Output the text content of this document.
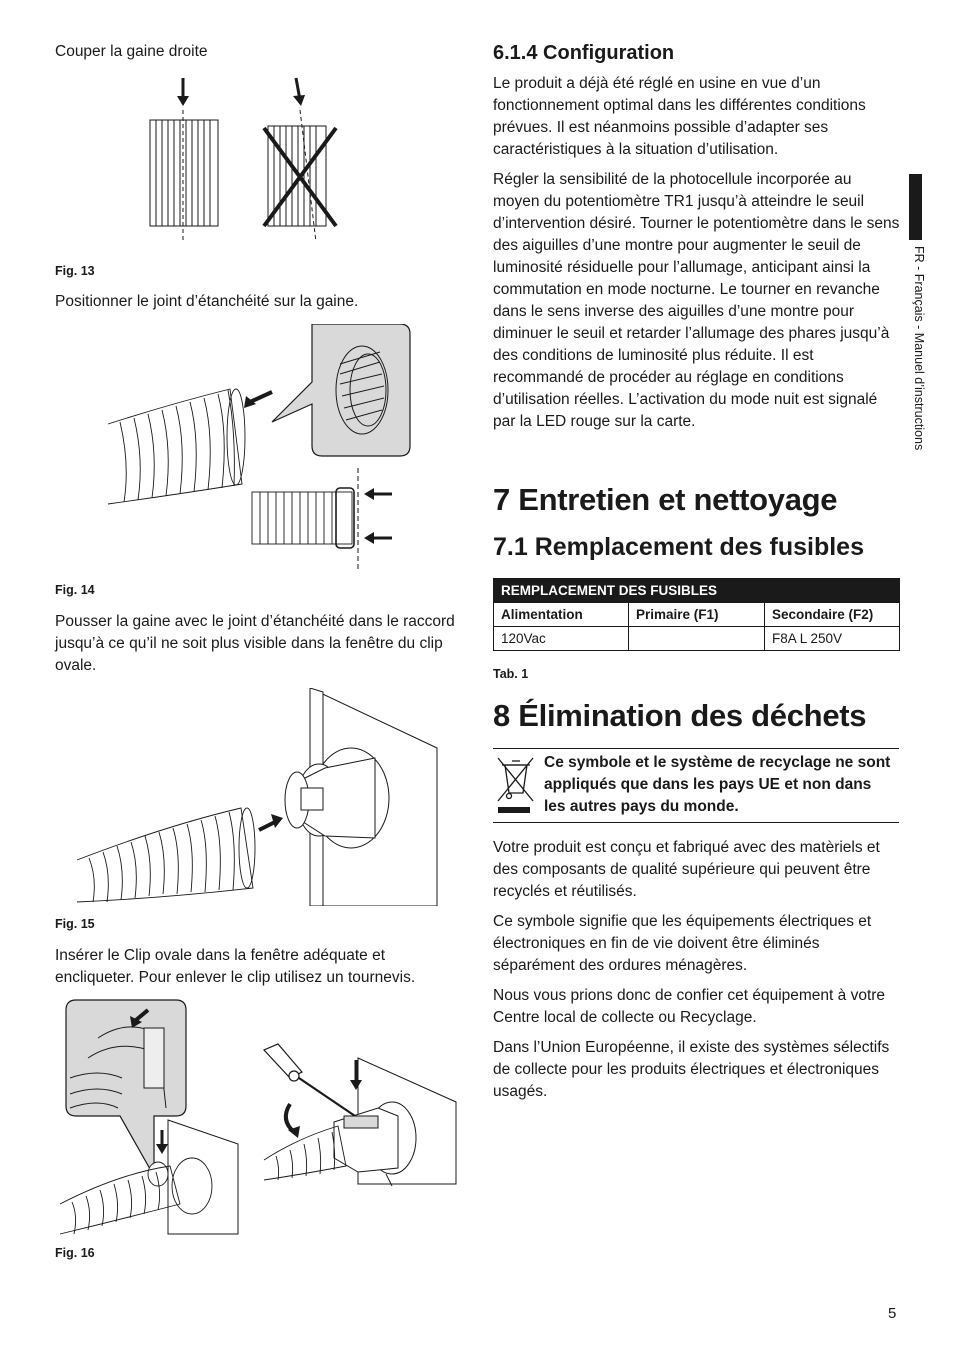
Couper la gaine droite
Fig. 13
Positionner le joint d’étanchéité sur la gaine.
Fig. 14
Pousser la gaine avec le joint d’étanchéité dans le raccord jusqu’à ce qu’il ne soit plus visible dans la fenêtre du clip ovale.
Fig. 15
Insérer le Clip ovale dans la fenêtre adéquate et encliqueter. Pour enlever le clip utilisez un tournevis.
Fig. 16
6.1.4 Configuration

Le produit a déjà été réglé en usine en vue d’un fonctionnement optimal dans les différentes conditions prévues. Il est néanmoins possible d’adapter ses caractéristiques à la situation d’utilisation.

Régler la sensibilité de la photocellule incorporée au moyen du potentiomètre TR1 jusqu’à atteindre le seuil d’intervention désiré. Tourner le potentiomètre dans le sens des aiguilles d’une montre pour augmenter le seuil de luminosité résiduelle pour l’allumage, anticipant ainsi la commutation en mode nocturne. Le tourner en revanche dans le sens inverse des aiguilles d’une montre pour diminuer le seuil et retarder l’allumage des phares jusqu’à des conditions de luminosité plus réduite. Il est recommandé de procéder au réglage en conditions d’utilisation réelles. L’activation du mode nuit est signalé par la LED rouge sur la carte.

7 Entretien et nettoyage
7.1 Remplacement des fusibles
REMPLACEMENT DES FUSIBLES		
Alimentation	Primaire (F1)	Secondaire (F2)
120Vac		F8A L 250V
Tab. 1
8 Élimination des déchets
Ce symbole et le système de recyclage ne sont appliqués que dans les pays UE et non dans les autres pays du monde.

Votre produit est conçu et fabriqué avec des matèriels et des composants de qualité supérieure qui peuvent être recyclés et réutilisés.

Ce symbole signifie que les équipements électriques et électroniques en fin de vie doivent être éliminés séparément des ordures ménagères.

Nous vous prions donc de confier cet équipement à votre Centre local de collecte ou Recyclage.

Dans l’Union Européenne, il existe des systèmes sélectifs de collecte pour les produits électriques et électroniques usagés.

FR - Français - Manuel d’instructions
5
